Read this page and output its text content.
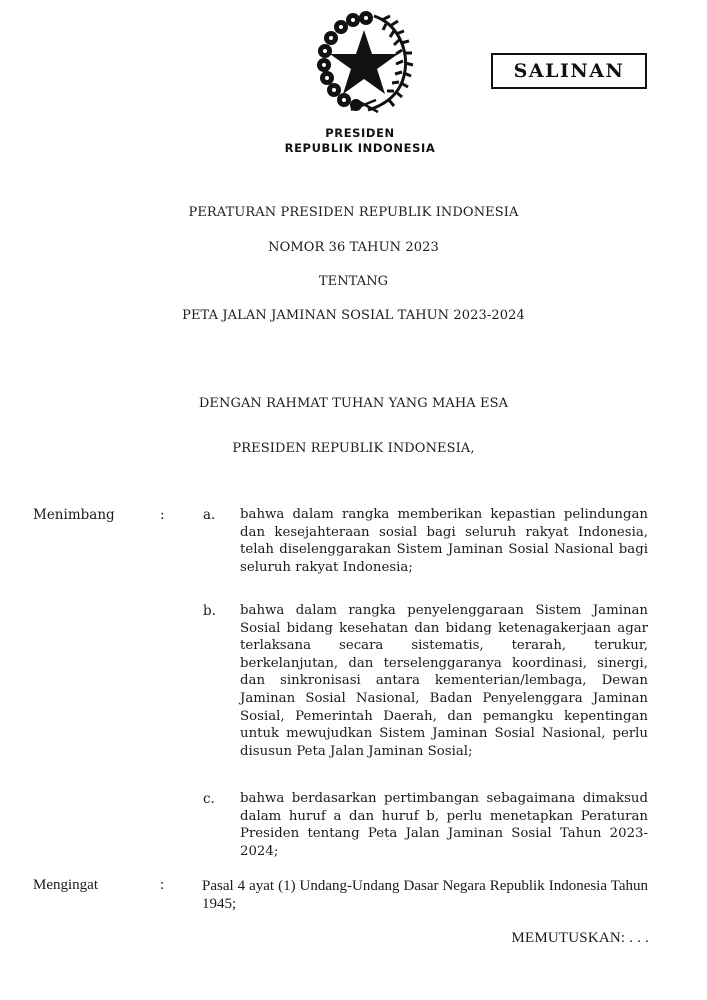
PRESIDEN
REPUBLIK INDONESIA
SALINAN
PERATURAN PRESIDEN REPUBLIK INDONESIA
NOMOR 36 TAHUN 2023
TENTANG
PETA JALAN JAMINAN SOSIAL TAHUN 2023-2024
DENGAN RAHMAT TUHAN YANG MAHA ESA
PRESIDEN REPUBLIK INDONESIA,
Menimbang	:	a. bahwa dalam rangka memberikan kepastian pelindungan dan kesejahteraan sosial bagi seluruh rakyat Indonesia, telah diselenggarakan Sistem Jaminan Sosial Nasional bagi seluruh rakyat Indonesia;
b. bahwa dalam rangka penyelenggaraan Sistem Jaminan Sosial bidang kesehatan dan bidang ketenagakerjaan agar terlaksana secara sistematis, terarah, terukur, berkelanjutan, dan terselenggaranya koordinasi, sinergi, dan sinkronisasi antara kementerian/lembaga, Dewan Jaminan Sosial Nasional, Badan Penyelenggara Jaminan Sosial, Pemerintah Daerah, dan pemangku kepentingan untuk mewujudkan Sistem Jaminan Sosial Nasional, perlu disusun Peta Jalan Jaminan Sosial;
c. bahwa berdasarkan pertimbangan sebagaimana dimaksud dalam huruf a dan huruf b, perlu menetapkan Peraturan Presiden tentang Peta Jalan Jaminan Sosial Tahun 2023-2024;
Mengingat	:	Pasal 4 ayat (1) Undang-Undang Dasar Negara Republik Indonesia Tahun 1945;
MEMUTUSKAN: . . .
